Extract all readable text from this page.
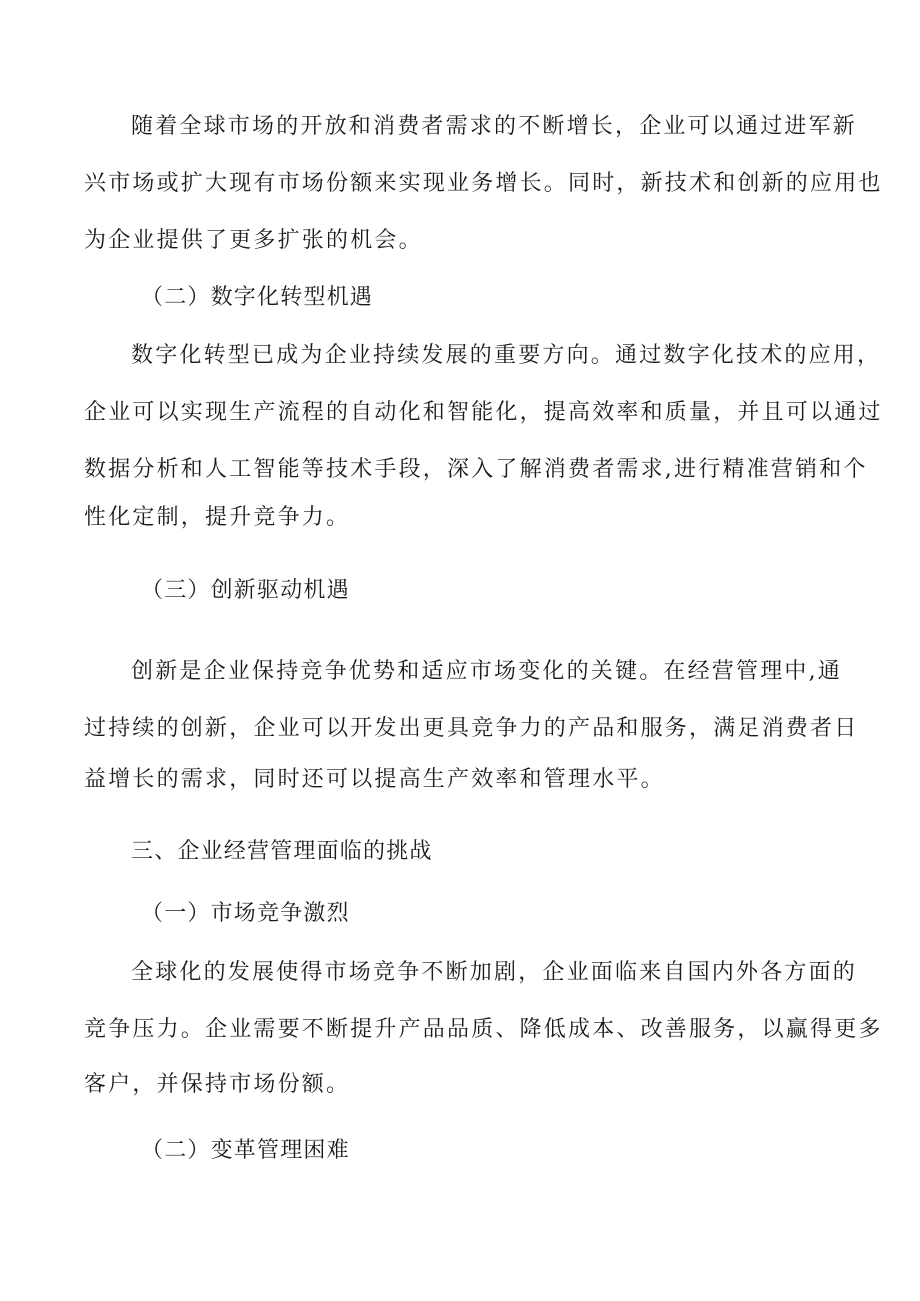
随着全球市场的开放和消费者需求的不断增长，企业可以通过进军新
兴市场或扩大现有市场份额来实现业务增长。同时，新技术和创新的应用也
为企业提供了更多扩张的机会。
（二）数字化转型机遇
数字化转型已成为企业持续发展的重要方向。通过数字化技术的应用，
企业可以实现生产流程的自动化和智能化，提高效率和质量，并且可以通过
数据分析和人工智能等技术手段，深入了解消费者需求,进行精准营销和个
性化定制，提升竞争力。
（三）创新驱动机遇
创新是企业保持竞争优势和适应市场变化的关键。在经营管理中,通
过持续的创新，企业可以开发出更具竞争力的产品和服务，满足消费者日
益增长的需求，同时还可以提高生产效率和管理水平。
三、企业经营管理面临的挑战
（一）市场竞争激烈
全球化的发展使得市场竞争不断加剧，企业面临来自国内外各方面的
竞争压力。企业需要不断提升产品品质、降低成本、改善服务，以赢得更多
客户，并保持市场份额。
（二）变革管理困难
